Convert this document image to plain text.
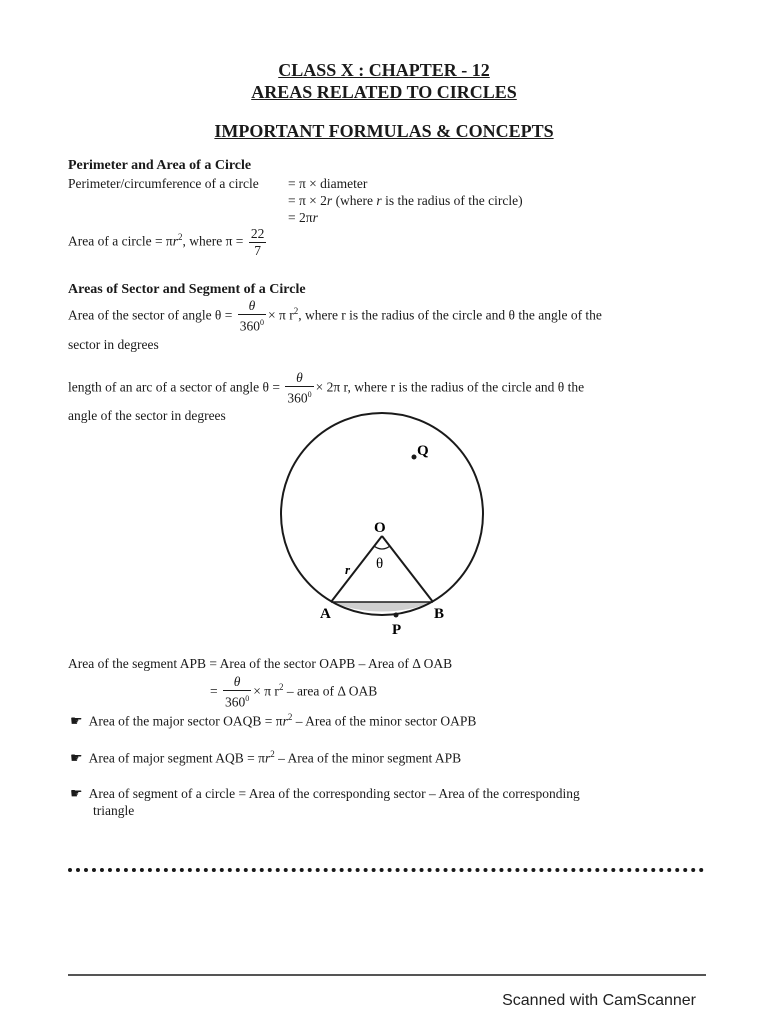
CLASS X : CHAPTER - 12
AREAS RELATED TO CIRCLES
IMPORTANT FORMULAS & CONCEPTS
Perimeter and Area of a Circle
Perimeter/circumference of a circle = π × diameter
= π × 2r (where r is the radius of the circle)
= 2πr
Area of a circle = $\pi r^2$, where $\pi = \frac{22}{7}$
Areas of Sector and Segment of a Circle
Area of the sector of angle $\theta = \frac{\theta}{360^0} \times \pi$ $r^2$, where r is the radius of the circle and θ the angle of the
sector in degrees
length of an arc of a sector of angle $\theta = \frac{\theta}{360^0} \times 2\pi$ r, where r is the radius of the circle and θ the
angle of the sector in degrees
Q
O
θ
r
A	B
P
Area of the segment APB = Area of the sector OAPB – Area of Δ OAB
= $\frac{\theta}{360^0} \times \pi$ $r^2$ – area of Δ OAB
☛ Area of the major sector OAQB = $\pi r^2$ – Area of the minor sector OAPB
☛ Area of major segment AQB = $\pi r^2$ – Area of the minor segment APB
☛ Area of segment of a circle = Area of the corresponding sector – Area of the corresponding
triangle
Scanned with CamScanner
